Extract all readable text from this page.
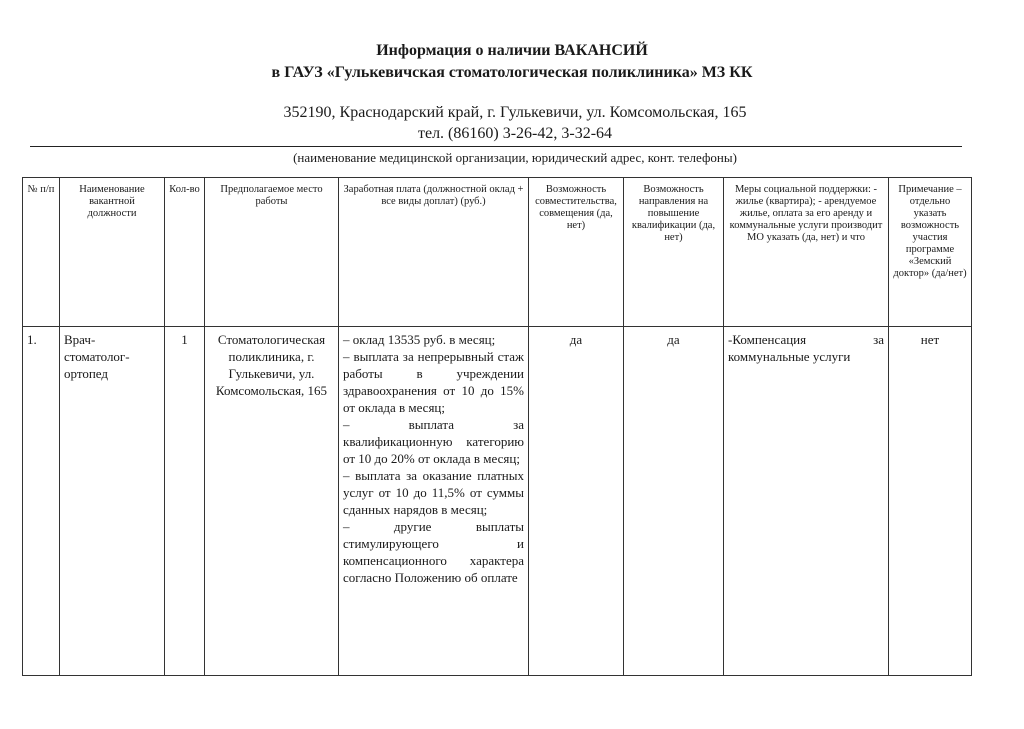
Информация о наличии ВАКАНСИЙ
в ГАУЗ «Гулькевичская стоматологическая поликлиника» МЗ КК
352190, Краснодарский край, г. Гулькевичи, ул. Комсомольская, 165
тел. (86160) 3-26-42, 3-32-64
(наименование медицинской организации, юридический адрес, конт. телефоны)
№ п/п	Наименование вакантной должности	Кол-во	Предполагаемое место работы	Заработная плата (должностной оклад + все виды доплат) (руб.)	Возможность совместительства, совмещения (да, нет)	Возможность направления на повышение квалификации (да, нет)	Меры социальной поддержки: - жилье (квартира); - арендуемое жилье, оплата за его аренду и коммунальные услуги производит МО указать (да, нет) и что	Примечание – отдельно указать возможность участия программе «Земский доктор» (да/нет)
1.	Врач-стоматолог-ортопед	1	Стоматологическая поликлиника, г. Гулькевичи, ул. Комсомольская, 165	– оклад 13535 руб. в месяц;
– выплата за непрерывный стаж работы в учреждении здравоохранения от 10 до 15% от оклада в месяц;
– выплата за квалификационную категорию от 10 до 20% от оклада в месяц;
– выплата за оказание платных услуг от 10 до 11,5% от суммы сданных нарядов в месяц;
– другие выплаты стимулирующего и компенсационного характера согласно Положению об оплате	да	да	-Компенсация за коммунальные услуги	нет
